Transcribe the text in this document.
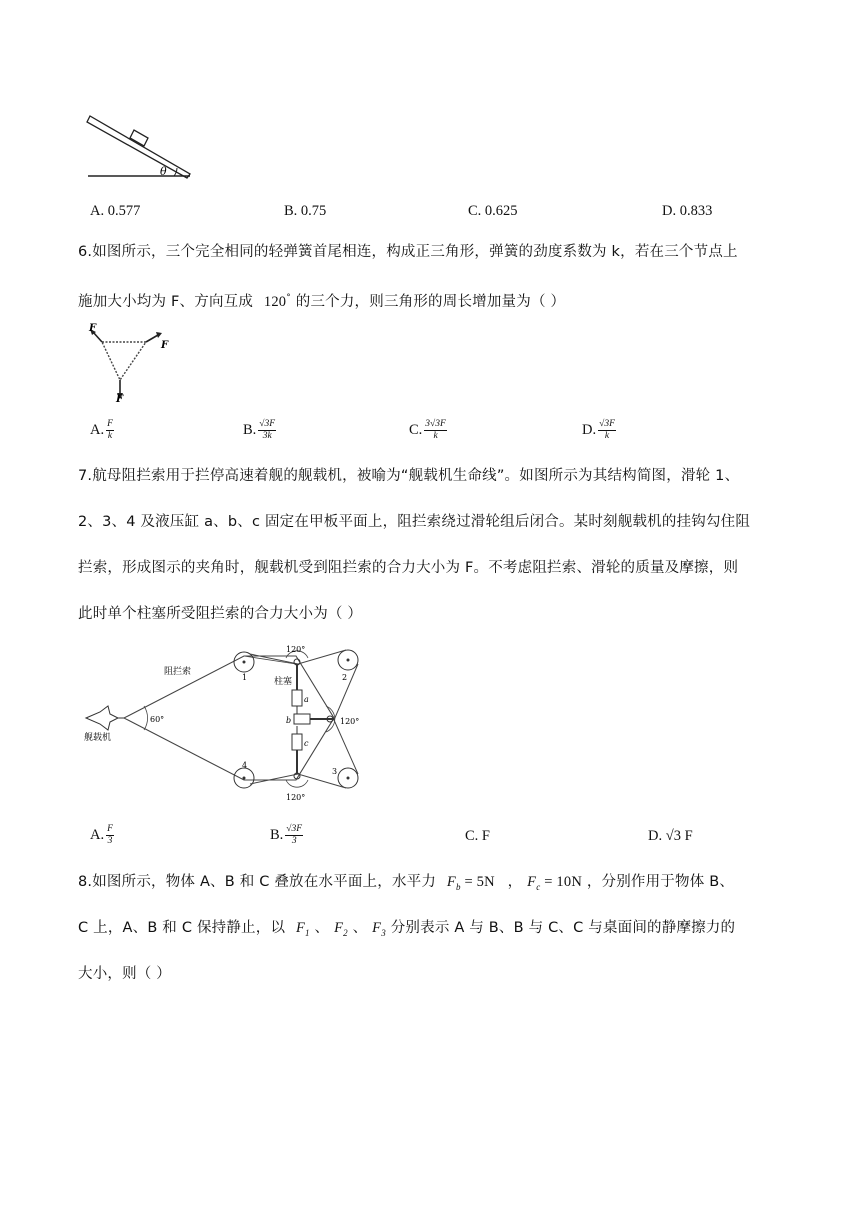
θ
A. 0.577	B. 0.75	C. 0.625	D. 0.833
6.如图所示，三个完全相同的轻弹簧首尾相连，构成正三角形，弹簧的劲度系数为 k，若在三个节点上
施加大小均为 F、方向互成 120° 的三个力，则三角形的周长增加量为（ ）
F
F
F
A. $\frac{F}{k}$	B. $\frac{√3F}{3k}$	C. $\frac{3√3F}{k}$	D. $\frac{√3F}{k}$
7.航母阻拦索用于拦停高速着舰的舰载机，被喻为“舰载机生命线”。如图所示为其结构简图，滑轮 1、
2、3、4 及液压缸 a、b、c 固定在甲板平面上，阻拦索绕过滑轮组后闭合。某时刻舰载机的挂钩勾住阻
拦索，形成图示的夹角时，舰载机受到阻拦索的合力大小为 F。不考虑阻拦索、滑轮的质量及摩擦，则
此时单个柱塞所受阻拦索的合力大小为（ ）
舰载机
60°
1	2
3
4
a
b
c
120°
120°
120°
阻拦索
柱塞
A. $\frac{F}{3}$	B. $\frac{√3F}{3}$	C. F	D. √3 F
8.如图所示，物体 A、B 和 C 叠放在水平面上，水平力 $F_b = 5N$ ， $F_c = 10N$ ，分别作用于物体 B、
C 上，A、B 和 C 保持静止，以 $F_1$ 、 $F_2$ 、 $F_3$ 分别表示 A 与 B、B 与 C、C 与桌面间的静摩擦力的
大小，则（ ）
